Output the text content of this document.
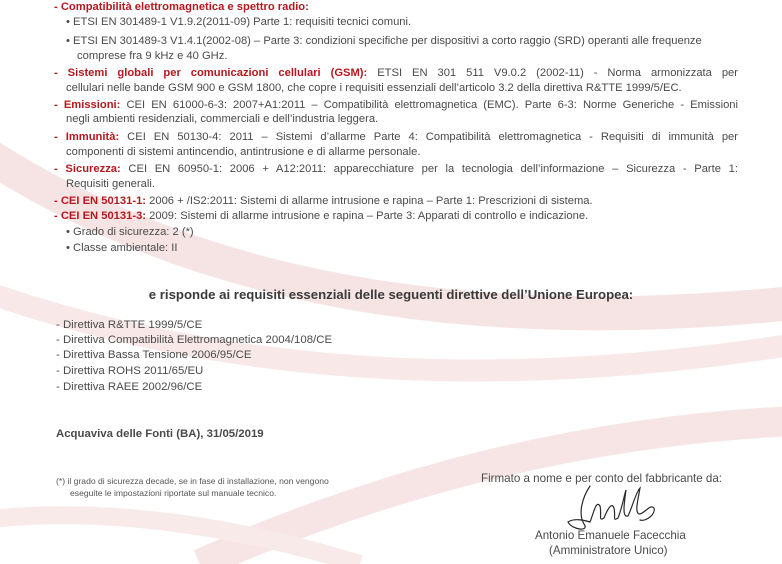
- Compatibilità elettromagnetica e spettro radio:
• ETSI EN 301489-1 V1.9.2(2011-09) Parte 1: requisiti tecnici comuni.
• ETSI EN 301489-3 V1.4.1(2002-08) – Parte 3: condizioni specifiche per dispositivi a corto raggio (SRD) operanti alle frequenze
comprese fra 9 kHz e 40 GHz.
- Sistemi globali per comunicazioni cellulari (GSM): ETSI EN 301 511 V9.0.2 (2002-11) - Norma armonizzata per
cellulari nelle bande GSM 900 e GSM 1800, che copre i requisiti essenziali dell’articolo 3.2 della direttiva R&TTE 1999/5/EC.
- Emissioni: CEI EN 61000-6-3: 2007+A1:2011 – Compatibilità elettromagnetica (EMC). Parte 6-3: Norme Generiche - Emissioni
negli ambienti residenziali, commerciali e dell’industria leggera.
- Immunità: CEI EN 50130-4: 2011 – Sistemi d’allarme Parte 4: Compatibilità elettromagnetica - Requisiti di immunità per
componenti di sistemi antincendio, antintrusione e di allarme personale.
- Sicurezza: CEI EN 60950-1: 2006 + A12:2011: apparecchiature per la tecnologia dell’informazione – Sicurezza - Parte 1:
Requisiti generali.
- CEI EN 50131-1: 2006 + /IS2:2011: Sistemi di allarme intrusione e rapina – Parte 1: Prescrizioni di sistema.
- CEI EN 50131-3: 2009: Sistemi di allarme intrusione e rapina – Parte 3: Apparati di controllo e indicazione.
• Grado di sicurezza: 2 (*)
• Classe ambientale: II
e risponde ai requisiti essenziali delle seguenti direttive dell’Unione Europea:
- Direttiva R&TTE 1999/5/CE
- Direttiva Compatibilità Elettromagnetica 2004/108/CE
- Direttiva Bassa Tensione 2006/95/CE
- Direttiva ROHS 2011/65/EU
- Direttiva RAEE 2002/96/CE
Acquaviva delle Fonti (BA), 31/05/2019
(*) il grado di sicurezza decade, se in fase di installazione, non vengono
eseguite le impostazioni riportate sul manuale tecnico.
Firmato a nome e per conto del fabbricante da:
Antonio Emanuele Facecchia
(Amministratore Unico)
